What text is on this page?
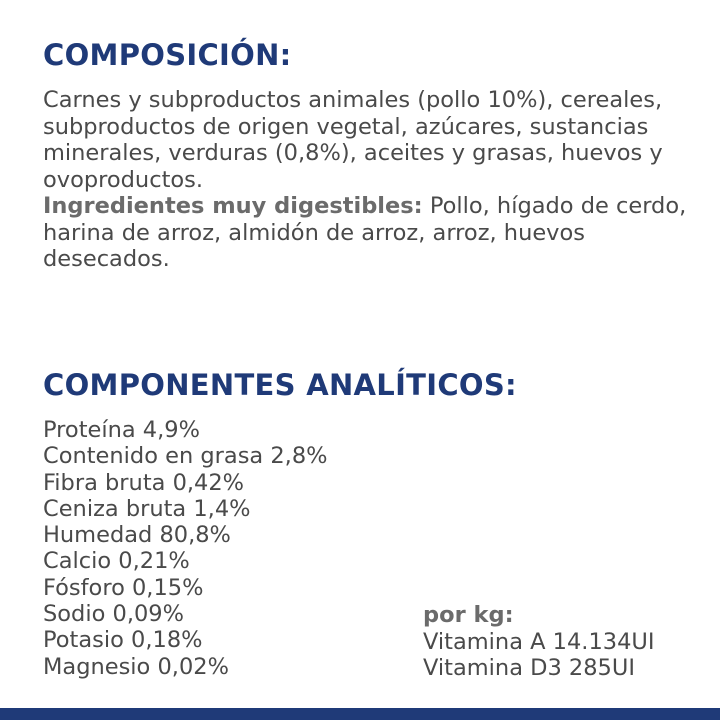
COMPOSICIÓN:

Carnes y subproductos animales (pollo 10%), cereales, subproductos de origen vegetal, azúcares, sustancias minerales, verduras (0,8%), aceites y grasas, huevos y ovoproductos.

Ingredientes muy digestibles: Pollo, hígado de cerdo, harina de arroz, almidón de arroz, arroz, huevos desecados.

COMPONENTES ANALÍTICOS:
Proteína 4,9%
Contenido en grasa 2,8%
Fibra bruta 0,42%
Ceniza bruta 1,4%
Humedad 80,8%
Calcio 0,21%
Fósforo 0,15%
Sodio 0,09%
Potasio 0,18%
Magnesio 0,02%
por kg:
Vitamina A 14.134UI
Vitamina D3 285UI
